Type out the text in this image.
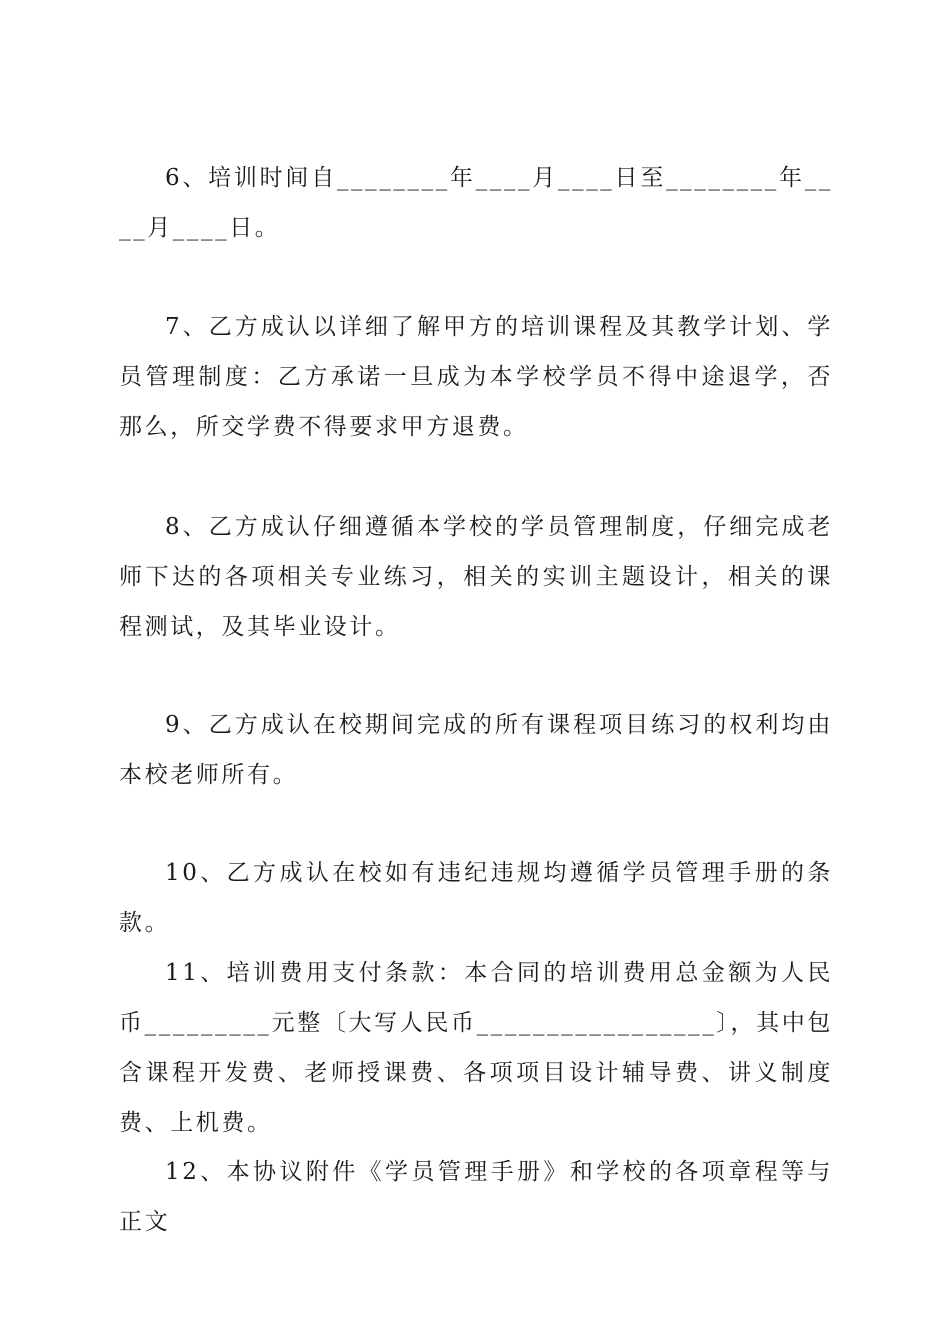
6、培训时间自________年____月____日至________年____月____日。

7、乙方成认以详细了解甲方的培训课程及其教学计划、学员管理制度：乙方承诺一旦成为本学校学员不得中途退学，否那么，所交学费不得要求甲方退费。

8、乙方成认仔细遵循本学校的学员管理制度，仔细完成老师下达的各项相关专业练习，相关的实训主题设计，相关的课程测试，及其毕业设计。

9、乙方成认在校期间完成的所有课程项目练习的权利均由本校老师所有。

10、乙方成认在校如有违纪违规均遵循学员管理手册的条款。

11、培训费用支付条款：本合同的培训费用总金额为人民币_________元整〔大写人民币_________________〕，其中包含课程开发费、老师授课费、各项项目设计辅导费、讲义制度费、上机费。

12、本协议附件《学员管理手册》和学校的各项章程等与正文
